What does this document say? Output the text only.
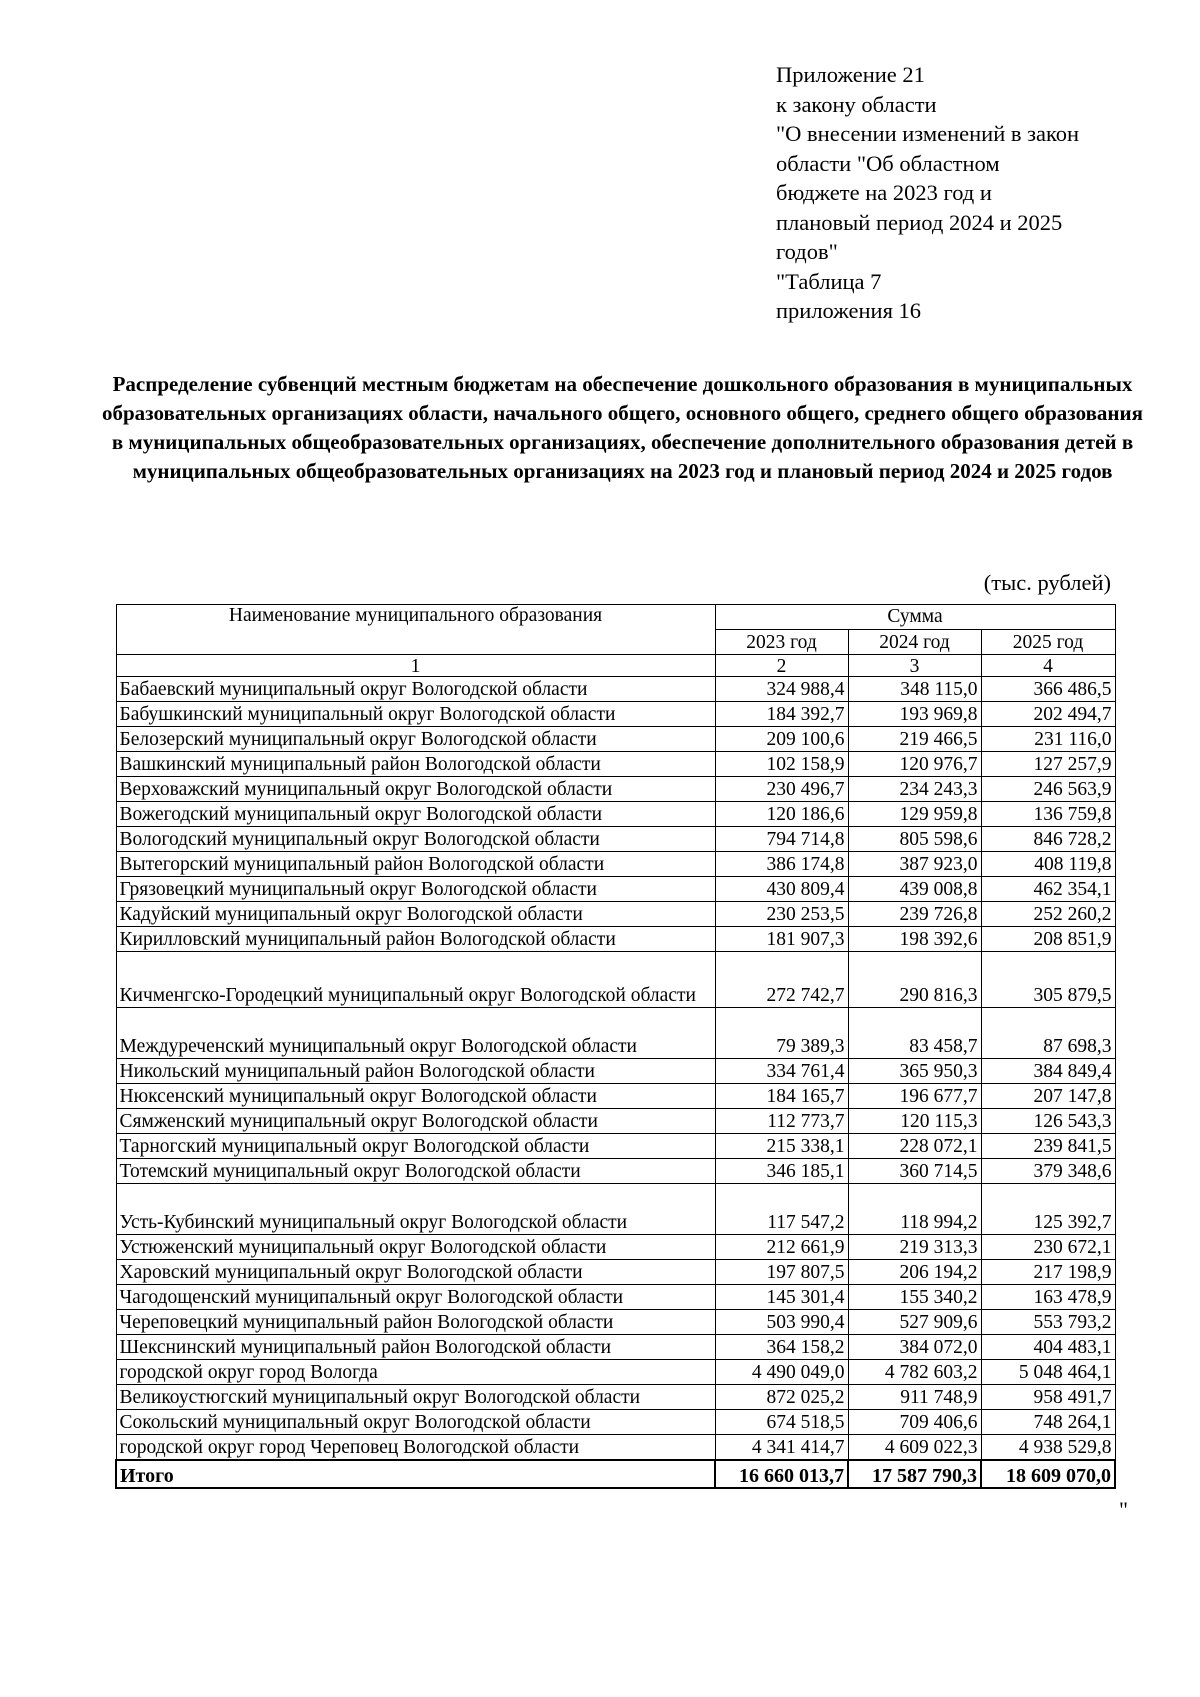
Приложение 21
к закону области
"О внесении изменений в закон
области "Об областном
бюджете на 2023 год и
плановый период 2024 и 2025
годов"
"Таблица 7
приложения 16
Распределение субвенций местным бюджетам на обеспечение дошкольного образования в муниципальных образовательных организациях области, начального общего, основного общего, среднего общего образования в муниципальных общеобразовательных организациях, обеспечение дополнительного образования детей в муниципальных общеобразовательных организациях на 2023 год и плановый период 2024 и 2025 годов
(тыс. рублей)
Наименование муниципального образования	Сумма		
	2023 год	2024 год	2025 год
1	2	3	4
Бабаевский муниципальный округ Вологодской области	324 988,4	348 115,0	366 486,5
Бабушкинский муниципальный округ Вологодской области	184 392,7	193 969,8	202 494,7
Белозерский муниципальный округ Вологодской области	209 100,6	219 466,5	231 116,0
Вашкинский муниципальный район Вологодской области	102 158,9	120 976,7	127 257,9
Верховажский муниципальный округ Вологодской области	230 496,7	234 243,3	246 563,9
Вожегодский муниципальный округ Вологодской области	120 186,6	129 959,8	136 759,8
Вологодский муниципальный округ Вологодской области	794 714,8	805 598,6	846 728,2
Вытегорский муниципальный район Вологодской области	386 174,8	387 923,0	408 119,8
Грязовецкий муниципальный округ Вологодской области	430 809,4	439 008,8	462 354,1
Кадуйский муниципальный округ Вологодской области	230 253,5	239 726,8	252 260,2
Кирилловский муниципальный район Вологодской области	181 907,3	198 392,6	208 851,9
Кичменгско-Городецкий муниципальный округ Вологодской области	272 742,7	290 816,3	305 879,5
Междуреченский муниципальный округ Вологодской области	79 389,3	83 458,7	87 698,3
Никольский муниципальный район Вологодской области	334 761,4	365 950,3	384 849,4
Нюксенский муниципальный округ Вологодской области	184 165,7	196 677,7	207 147,8
Сямженский муниципальный округ Вологодской области	112 773,7	120 115,3	126 543,3
Тарногский муниципальный округ Вологодской области	215 338,1	228 072,1	239 841,5
Тотемский муниципальный округ Вологодской области	346 185,1	360 714,5	379 348,6
Усть-Кубинский муниципальный округ Вологодской области	117 547,2	118 994,2	125 392,7
Устюженский муниципальный округ Вологодской области	212 661,9	219 313,3	230 672,1
Харовский муниципальный округ Вологодской области	197 807,5	206 194,2	217 198,9
Чагодощенский муниципальный округ Вологодской области	145 301,4	155 340,2	163 478,9
Череповецкий муниципальный район Вологодской области	503 990,4	527 909,6	553 793,2
Шекснинский муниципальный район Вологодской области	364 158,2	384 072,0	404 483,1
городской округ город Вологда	4 490 049,0	4 782 603,2	5 048 464,1
Великоустюгский муниципальный округ Вологодской области	872 025,2	911 748,9	958 491,7
Сокольский муниципальный округ Вологодской области	674 518,5	709 406,6	748 264,1
городской округ город Череповец Вологодской области	4 341 414,7	4 609 022,3	4 938 529,8
Итого	16 660 013,7	17 587 790,3	18 609 070,0
"
